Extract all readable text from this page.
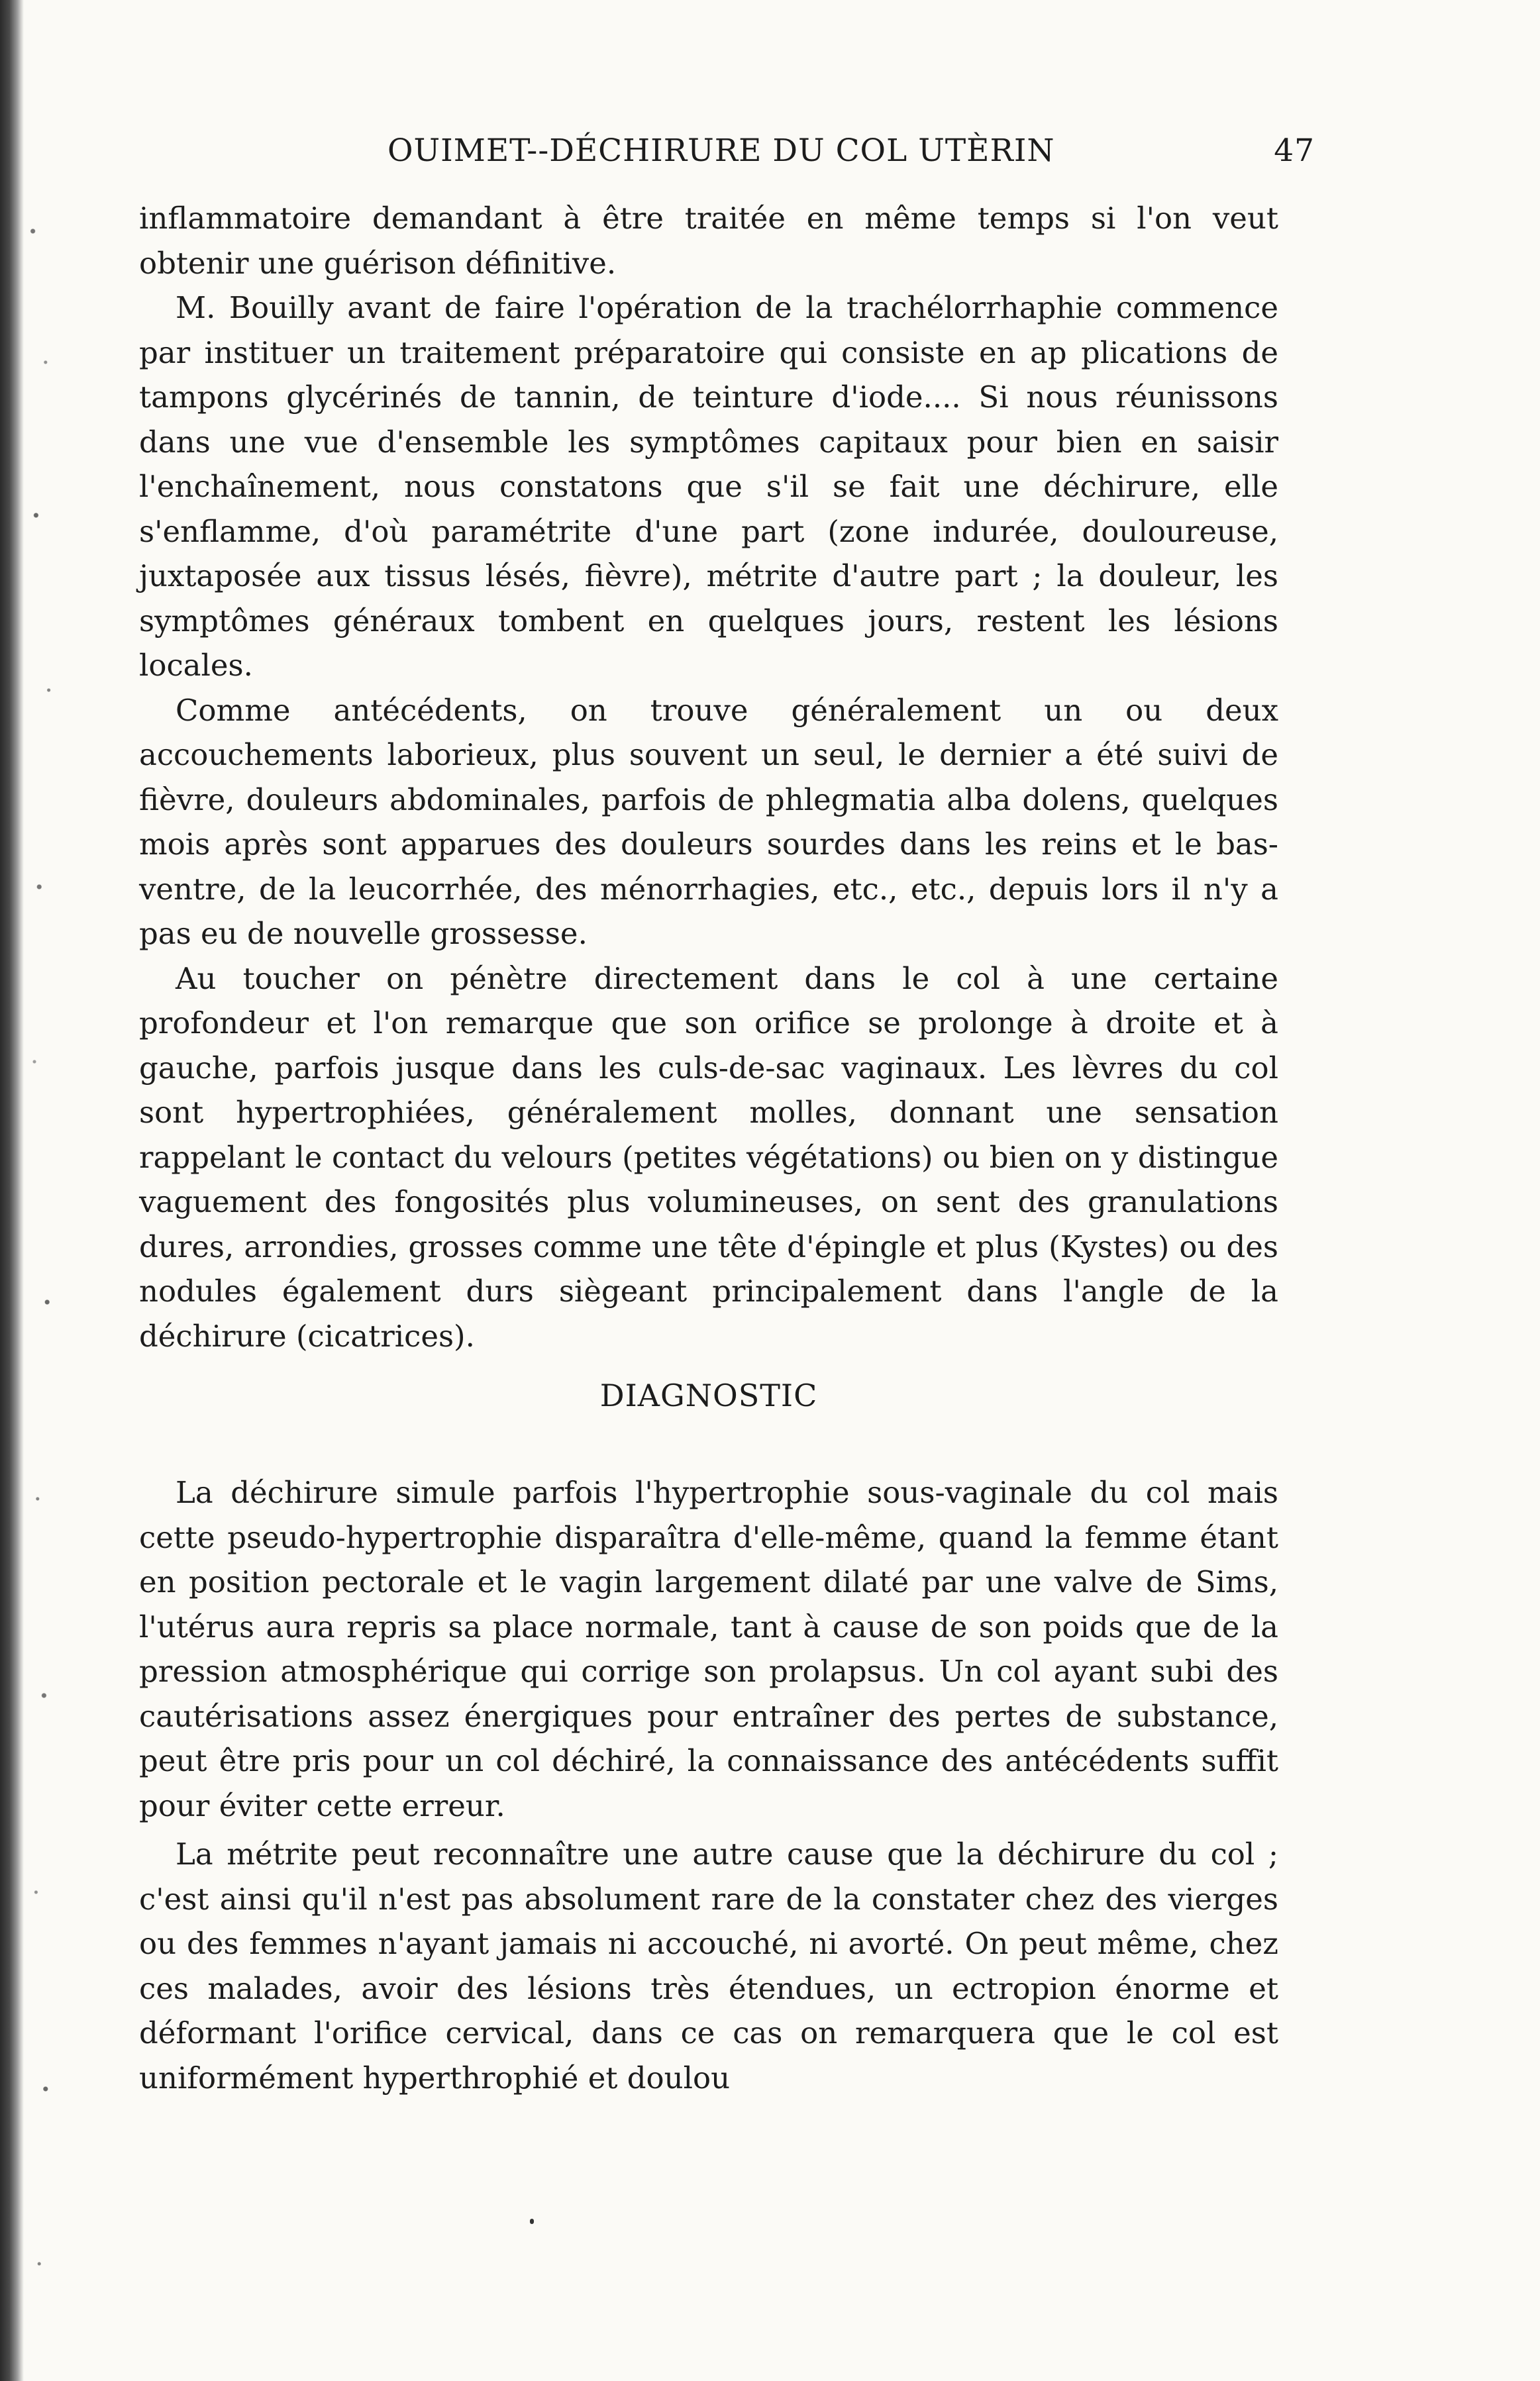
OUIMET--DÉCHIRURE DU COL UTÈRIN	47

inflammatoire demandant à être traitée en même temps si l'on veut obtenir une guérison définitive.

M. Bouilly avant de faire l'opération de la trachélorrhaphie commence par instituer un traitement préparatoire qui consiste en ap plications de tampons glycérinés de tannin, de teinture d'iode.... Si nous réunissons dans une vue d'ensemble les symptômes capitaux pour bien en saisir l'enchaînement, nous constatons que s'il se fait une déchirure, elle s'enflamme, d'où paramétrite d'une part (zone indurée, douloureuse, juxtaposée aux tissus lésés, fièvre), métrite d'autre part ; la douleur, les symptômes généraux tombent en quelques jours, restent les lésions locales.

Comme antécédents, on trouve généralement un ou deux accouchements laborieux, plus souvent un seul, le dernier a été suivi de fièvre, douleurs abdominales, parfois de phlegmatia alba dolens, quelques mois après sont apparues des douleurs sourdes dans les reins et le bas-ventre, de la leucorrhée, des ménorrhagies, etc., etc., depuis lors il n'y a pas eu de nouvelle grossesse.

Au toucher on pénètre directement dans le col à une certaine profondeur et l'on remarque que son orifice se prolonge à droite et à gauche, parfois jusque dans les culs-de-sac vaginaux. Les lèvres du col sont hypertrophiées, généralement molles, donnant une sensation rappelant le contact du velours (petites végétations) ou bien on y distingue vaguement des fongosités plus volumineuses, on sent des granulations dures, arrondies, grosses comme une tête d'épingle et plus (Kystes) ou des nodules également durs siègeant principalement dans l'angle de la déchirure (cicatrices).

DIAGNOSTIC

La déchirure simule parfois l'hypertrophie sous-vaginale du col mais cette pseudo-hypertrophie disparaîtra d'elle-même, quand la femme étant en position pectorale et le vagin largement dilaté par une valve de Sims, l'utérus aura repris sa place normale, tant à cause de son poids que de la pression atmosphérique qui corrige son prolapsus. Un col ayant subi des cautérisations assez énergiques pour entraîner des pertes de substance, peut être pris pour un col déchiré, la connaissance des antécédents suffit pour éviter cette erreur.

La métrite peut reconnaître une autre cause que la déchirure du col ; c'est ainsi qu'il n'est pas absolument rare de la constater chez des vierges ou des femmes n'ayant jamais ni accouché, ni avorté. On peut même, chez ces malades, avoir des lésions très étendues, un ectropion énorme et déformant l'orifice cervical, dans ce cas on remarquera que le col est uniformément hyperthrophié et doulou
